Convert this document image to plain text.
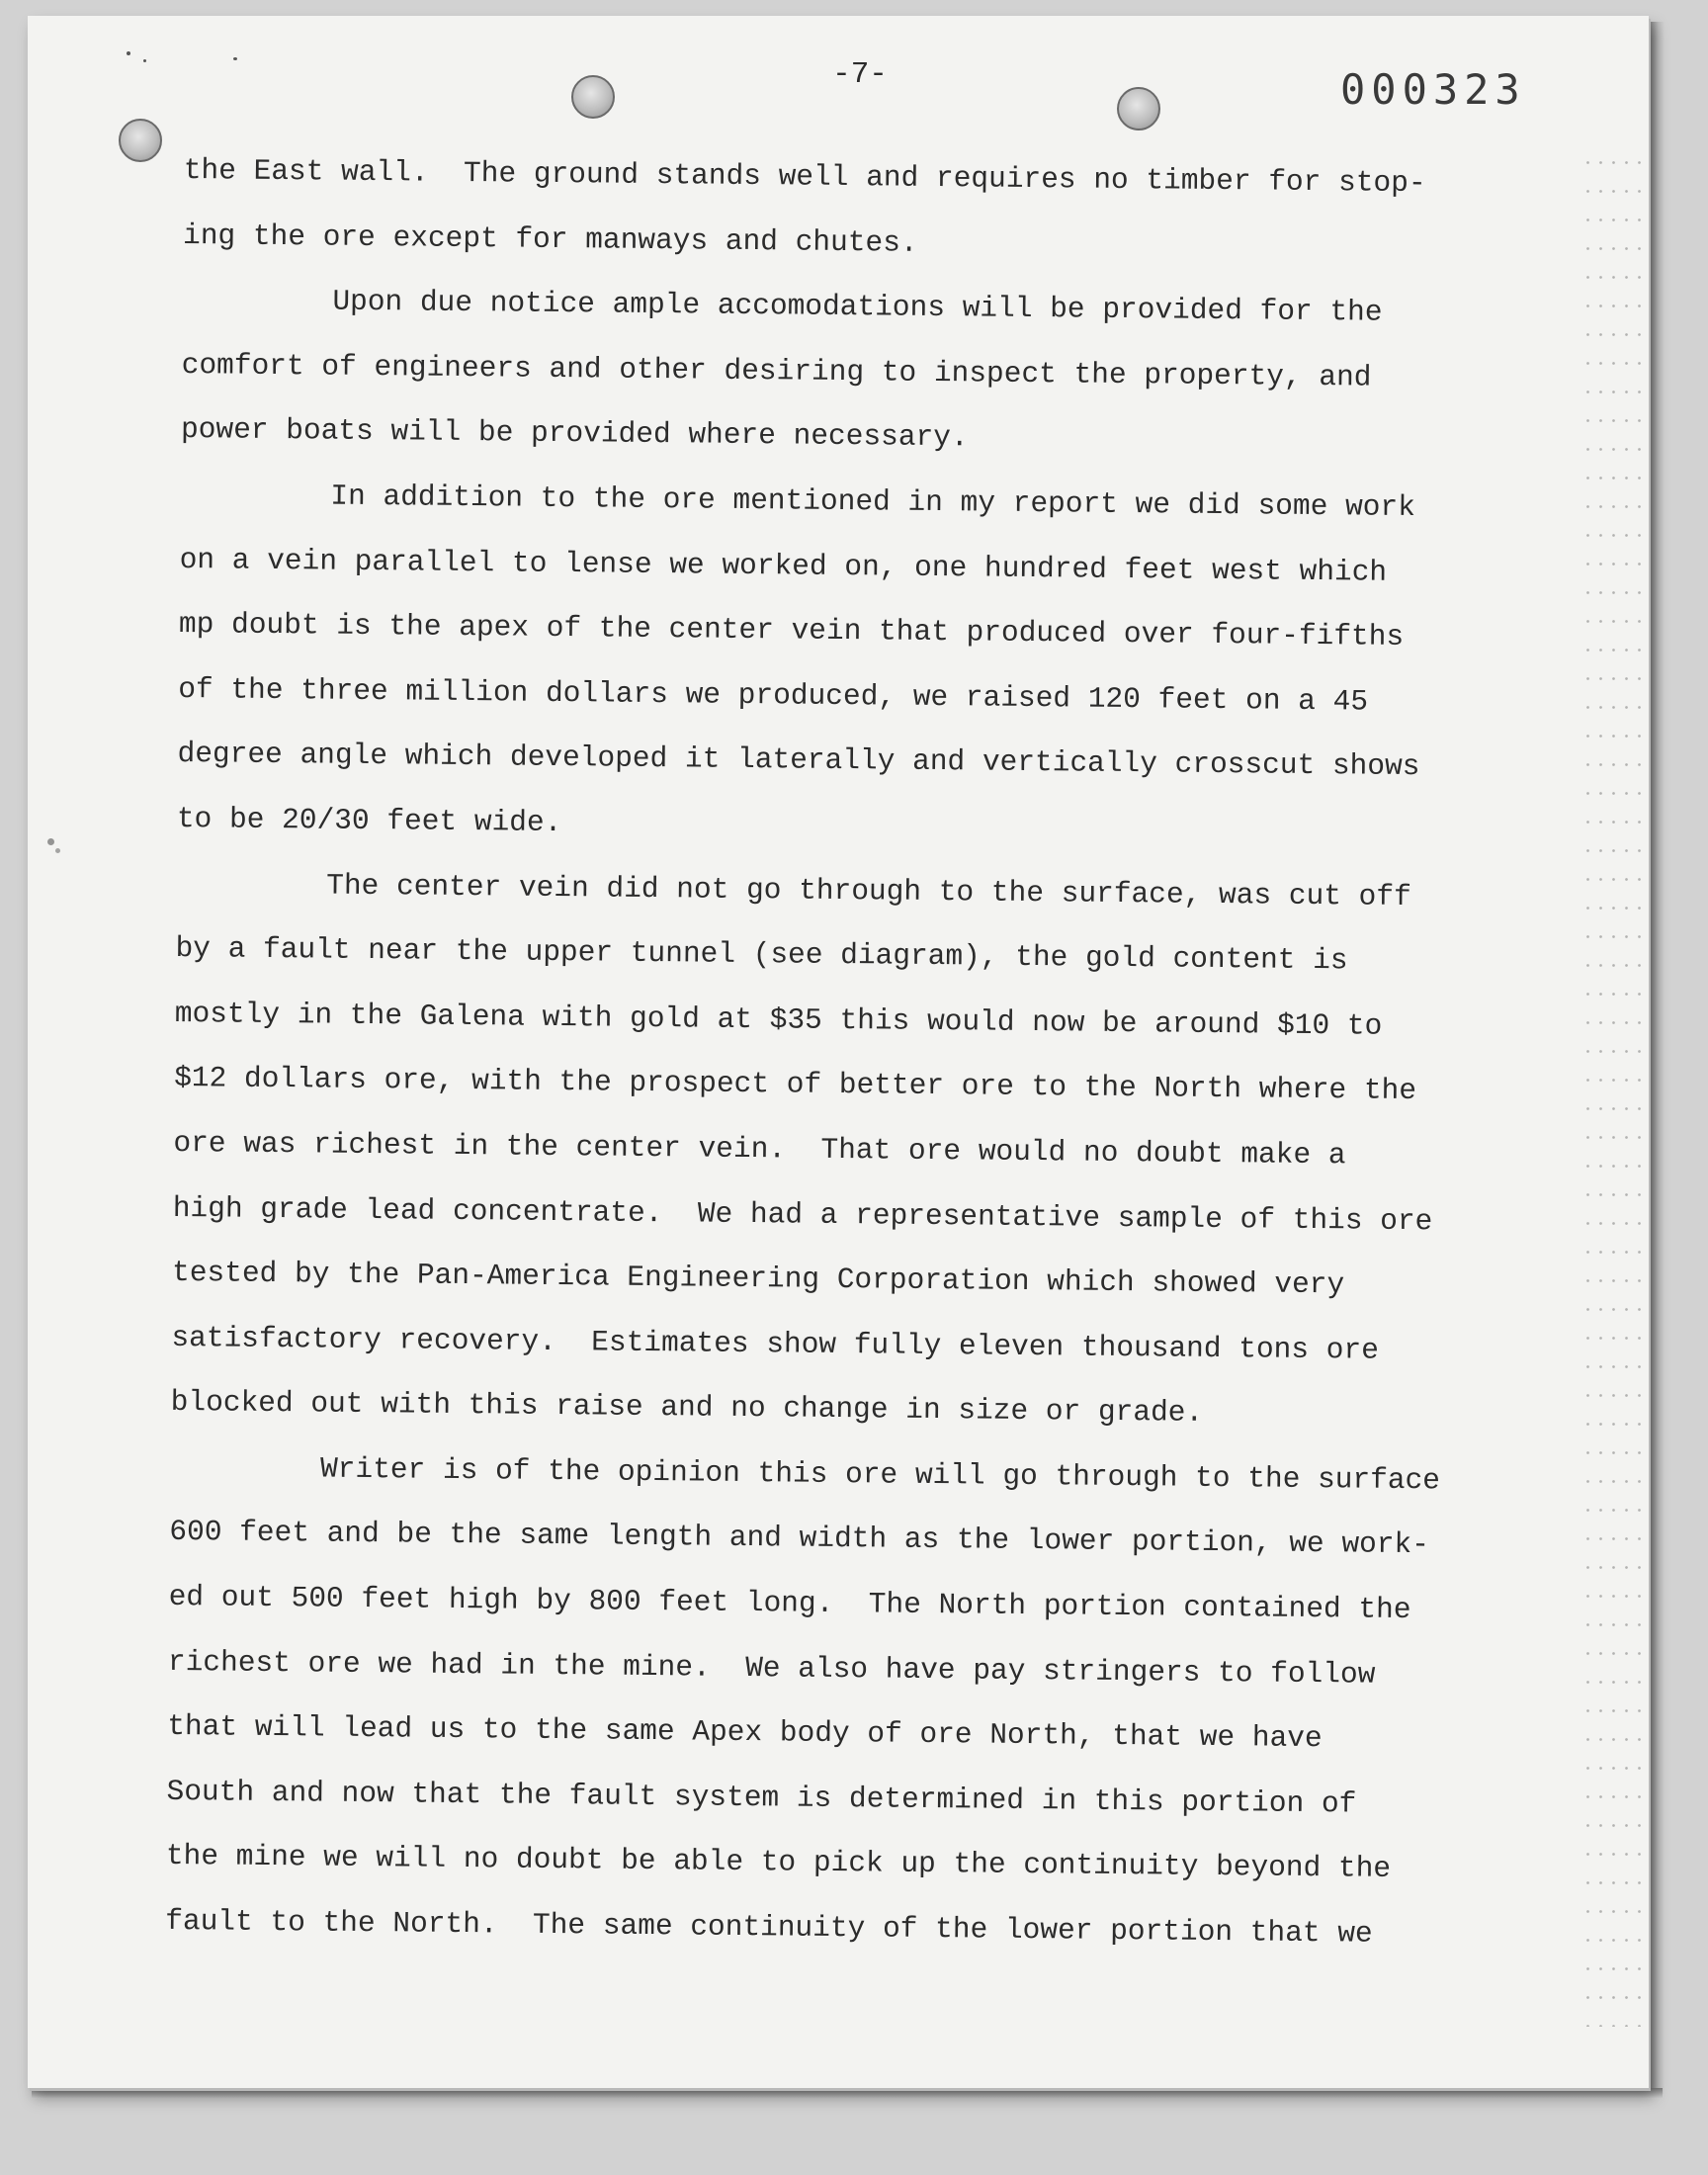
-7-	000323
the East wall.  The ground stands well and requires no timber for stop-
ing the ore except for manways and chutes.
Upon due notice ample accomodations will be provided for the
comfort of engineers and other desiring to inspect the property, and
power boats will be provided where necessary.
In addition to the ore mentioned in my report we did some work
on a vein parallel to lense we worked on, one hundred feet west which
mp doubt is the apex of the center vein that produced over four-fifths
of the three million dollars we produced, we raised 120 feet on a 45
degree angle which developed it laterally and vertically crosscut shows
to be 20/30 feet wide.
The center vein did not go through to the surface, was cut off
by a fault near the upper tunnel (see diagram), the gold content is
mostly in the Galena with gold at $35 this would now be around $10 to
$12 dollars ore, with the prospect of better ore to the North where the
ore was richest in the center vein.  That ore would no doubt make a
high grade lead concentrate.  We had a representative sample of this ore
tested by the Pan-America Engineering Corporation which showed very
satisfactory recovery.  Estimates show fully eleven thousand tons ore
blocked out with this raise and no change in size or grade.
Writer is of the opinion this ore will go through to the surface
600 feet and be the same length and width as the lower portion, we work-
ed out 500 feet high by 800 feet long.  The North portion contained the
richest ore we had in the mine.  We also have pay stringers to follow
that will lead us to the same Apex body of ore North, that we have
South and now that the fault system is determined in this portion of
the mine we will no doubt be able to pick up the continuity beyond the
fault to the North.  The same continuity of the lower portion that we
